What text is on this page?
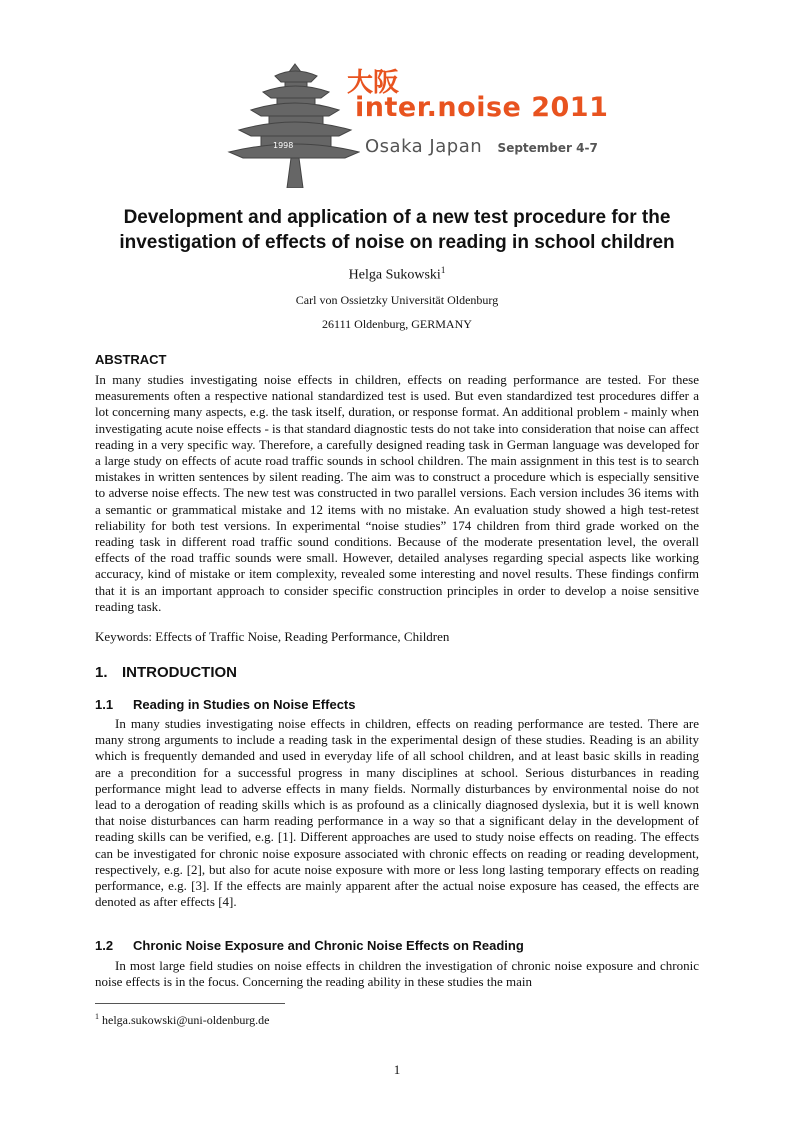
1998
大阪
inter.noise 2011
Osaka Japan September 4-7
Development and application of a new test procedure for the investigation of effects of noise on reading in school children
Helga Sukowski$^1$
Carl von Ossietzky Universität Oldenburg
26111 Oldenburg, GERMANY
ABSTRACT
In many studies investigating noise effects in children, effects on reading performance are tested. For these measurements often a respective national standardized test is used. But even standardized test procedures differ a lot concerning many aspects, e.g. the task itself, duration, or response format. An additional problem - mainly when investigating acute noise effects - is that standard diagnostic tests do not take into consideration that noise can affect reading in a very specific way. Therefore, a carefully designed reading task in German language was developed for a large study on effects of acute road traffic sounds in school children. The main assignment in this test is to search mistakes in written sentences by silent reading. The aim was to construct a procedure which is especially sensitive to adverse noise effects. The new test was constructed in two parallel versions. Each version includes 36 items with a semantic or grammatical mistake and 12 items with no mistake. An evaluation study showed a high test-retest reliability for both test versions. In experimental “noise studies” 174 children from third grade worked on the reading task in different road traffic sound conditions. Because of the moderate presentation level, the overall effects of the road traffic sounds were small. However, detailed analyses regarding special aspects like working accuracy, kind of mistake or item complexity, revealed some interesting and novel results. These findings confirm that it is an important approach to consider specific construction principles in order to develop a noise sensitive reading task.
Keywords: Effects of Traffic Noise, Reading Performance, Children
1. INTRODUCTION
1.1 Reading in Studies on Noise Effects
In many studies investigating noise effects in children, effects on reading performance are tested. There are many strong arguments to include a reading task in the experimental design of these studies. Reading is an ability which is frequently demanded and used in everyday life of all school children, and at least basic skills in reading are a precondition for a successful progress in many disciplines at school. Serious disturbances in reading performance might lead to adverse effects in many fields. Normally disturbances by environmental noise do not lead to a derogation of reading skills which is as profound as a clinically diagnosed dyslexia, but it is well known that noise disturbances can harm reading performance in a way so that a significant delay in the development of reading skills can be verified, e.g. [1]. Different approaches are used to study noise effects on reading. The effects can be investigated for chronic noise exposure associated with chronic effects on reading or reading development, respectively, e.g. [2], but also for acute noise exposure with more or less long lasting temporary effects on reading performance, e.g. [3]. If the effects are mainly apparent after the actual noise exposure has ceased, the effects are denoted as after effects [4].
1.2 Chronic Noise Exposure and Chronic Noise Effects on Reading
In most large field studies on noise effects in children the investigation of chronic noise exposure and chronic noise effects is in the focus. Concerning the reading ability in these studies the main
$^1$ helga.sukowski@uni-oldenburg.de
1
